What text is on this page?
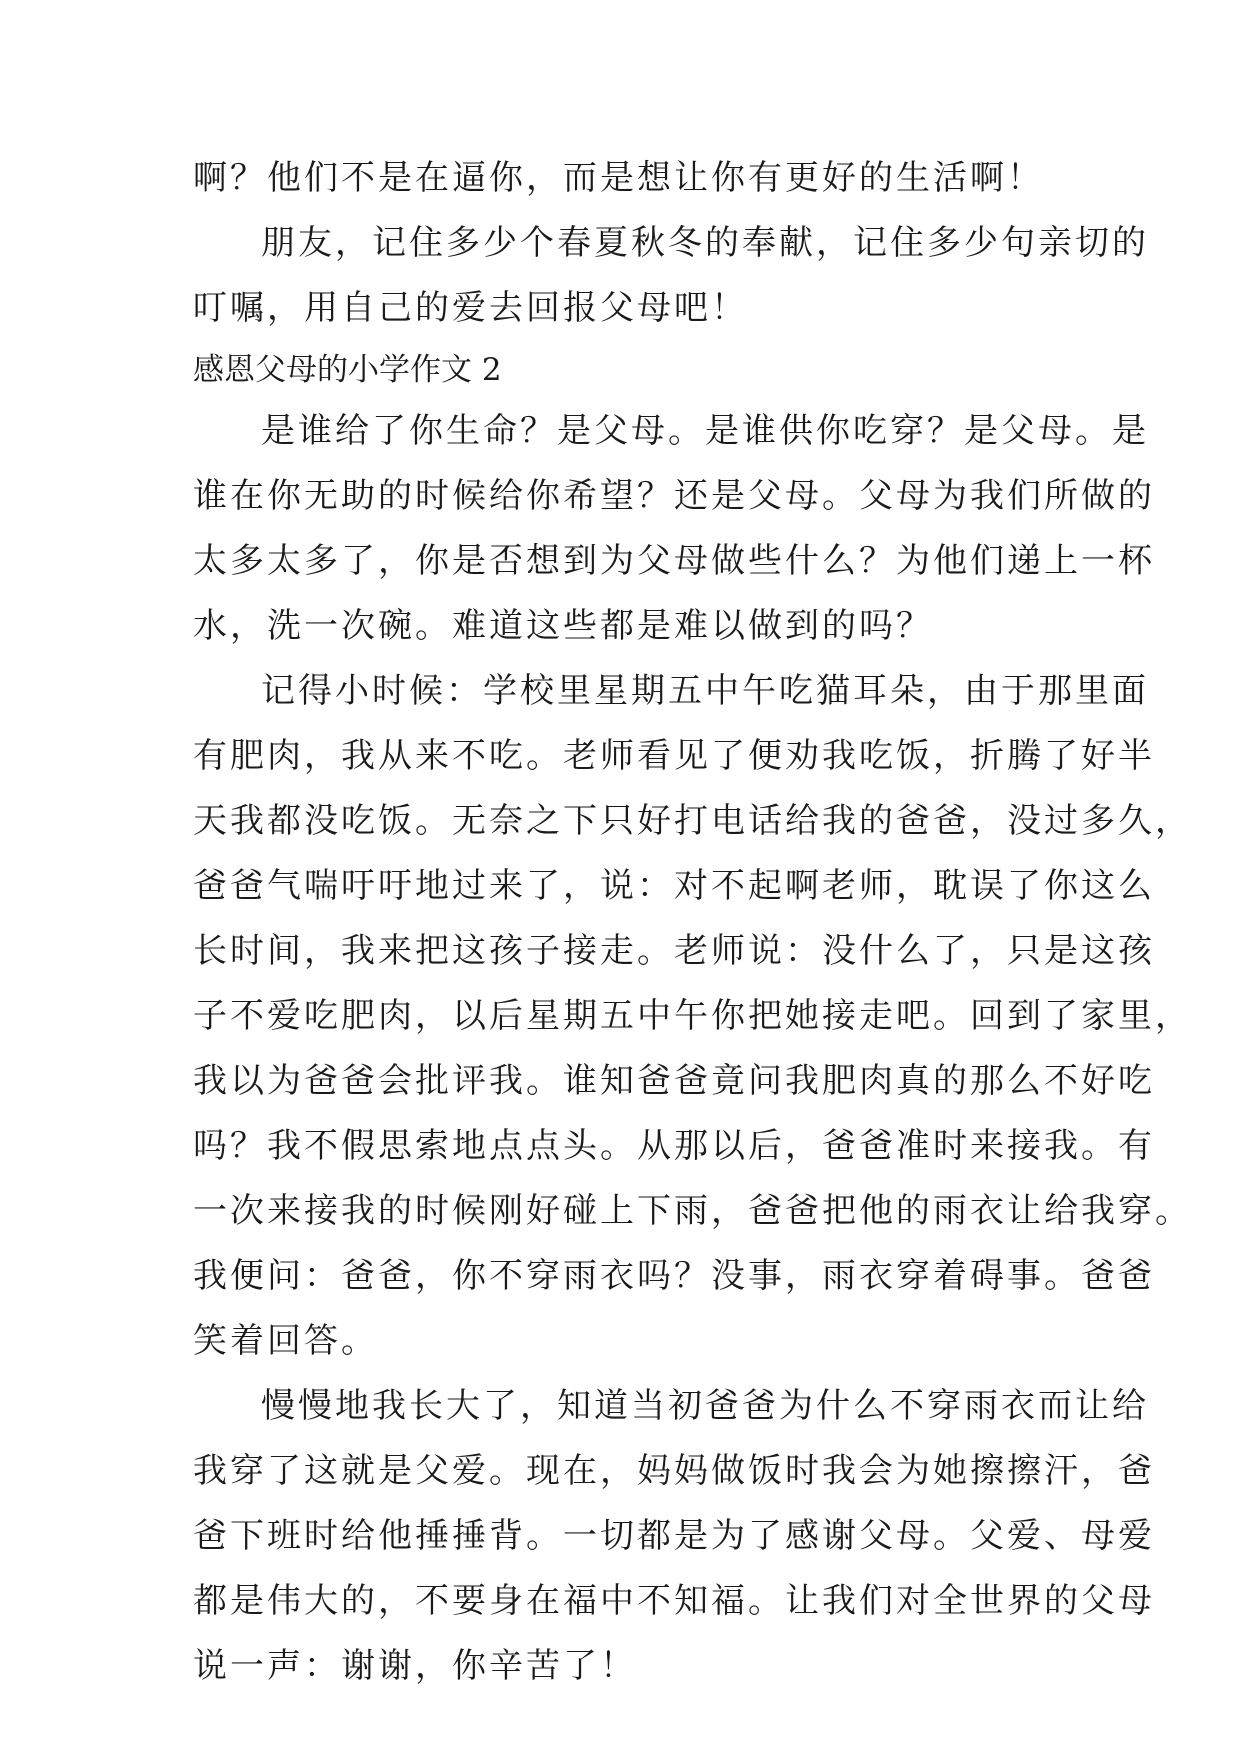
啊？他们不是在逼你，而是想让你有更好的生活啊！
朋友，记住多少个春夏秋冬的奉献，记住多少句亲切的
叮嘱，用自己的爱去回报父母吧！
感恩父母的小学作文 2
是谁给了你生命？是父母。是谁供你吃穿？是父母。是
谁在你无助的时候给你希望？还是父母。父母为我们所做的
太多太多了，你是否想到为父母做些什么？为他们递上一杯
水，洗一次碗。难道这些都是难以做到的吗？
记得小时候：学校里星期五中午吃猫耳朵，由于那里面
有肥肉，我从来不吃。老师看见了便劝我吃饭，折腾了好半
天我都没吃饭。无奈之下只好打电话给我的爸爸，没过多久，
爸爸气喘吁吁地过来了，说：对不起啊老师，耽误了你这么
长时间，我来把这孩子接走。老师说：没什么了，只是这孩
子不爱吃肥肉，以后星期五中午你把她接走吧。回到了家里，
我以为爸爸会批评我。谁知爸爸竟问我肥肉真的那么不好吃
吗？我不假思索地点点头。从那以后，爸爸准时来接我。有
一次来接我的时候刚好碰上下雨，爸爸把他的雨衣让给我穿。
我便问：爸爸，你不穿雨衣吗？没事，雨衣穿着碍事。爸爸
笑着回答。
慢慢地我长大了，知道当初爸爸为什么不穿雨衣而让给
我穿了这就是父爱。现在，妈妈做饭时我会为她擦擦汗，爸
爸下班时给他捶捶背。一切都是为了感谢父母。父爱、母爱
都是伟大的，不要身在福中不知福。让我们对全世界的父母
说一声：谢谢，你辛苦了！
